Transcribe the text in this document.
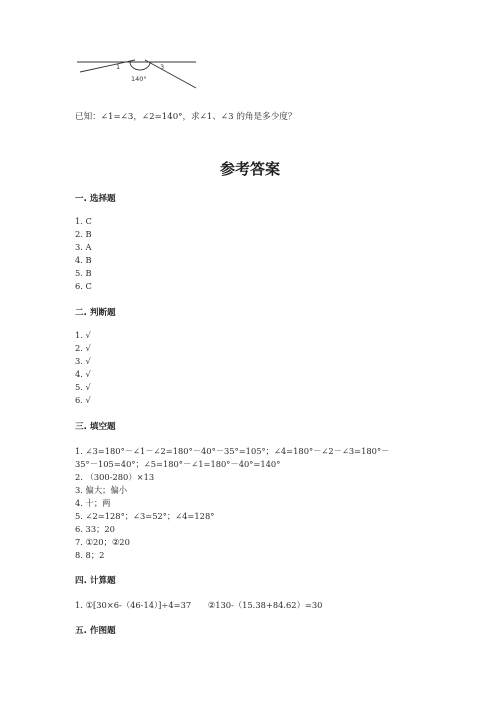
1	3
140°
已知：∠1=∠3，∠2=140°，求∠1、∠3 的角是多少度？
参考答案
一. 选择题
1. C
2. B
3. A
4. B
5. B
6. C
二. 判断题
1. √
2. √
3. √
4. √
5. √
6. √
三. 填空题
1. ∠3=180°－∠1－∠2=180°－40°－35°=105°；∠4=180°－∠2－∠3=180°－
35°－105=40°；∠5=180°－∠1=180°－40°=140°
2. （300-280）×13
3. 偏大；偏小
4. 十；两
5. ∠2=128°；∠3=52°；∠4=128°
6. 33；20
7. ①20；②20
8. 8；2
四. 计算题
1. ①[30×6-（46-14）]÷4=37　　②130-（15.38+84.62）=30
五. 作图题
